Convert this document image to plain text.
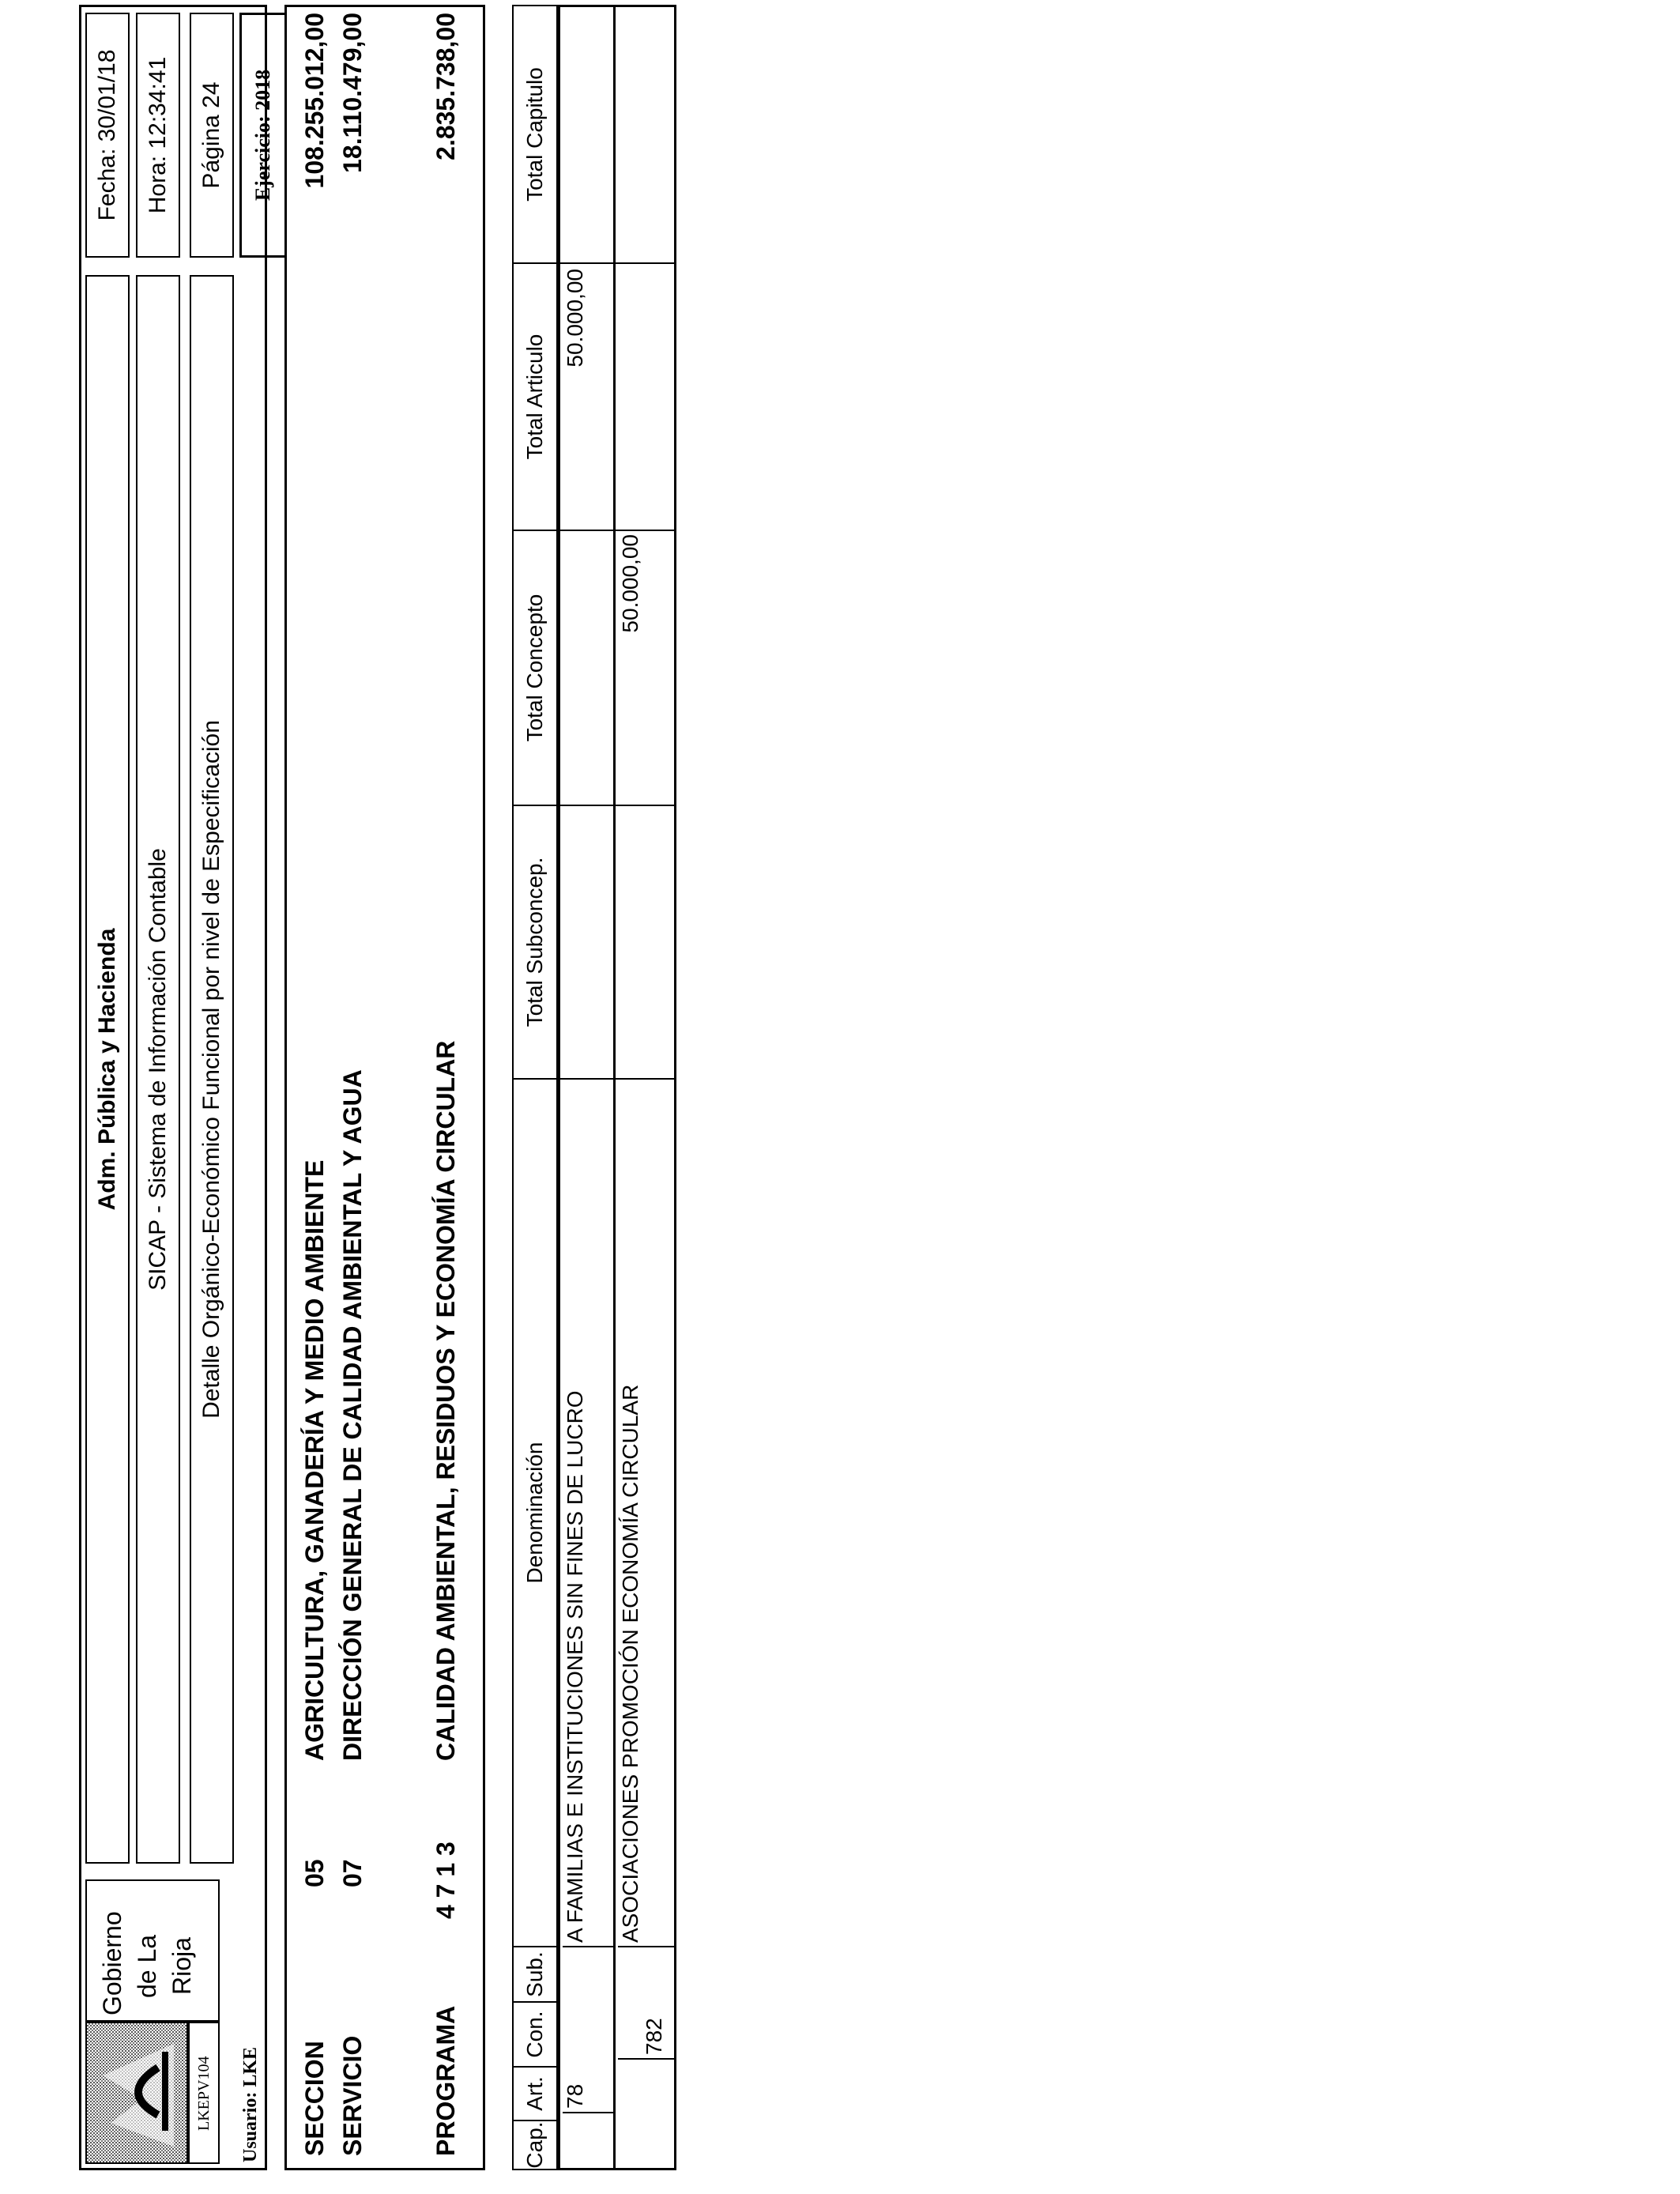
LKEPV104
Gobierno de La Rioja
Adm. Pública y Hacienda SICAP - Sistema de Información Contable Detalle Orgánico-Económico Funcional por nivel de Especificación
Fecha: 30/01/18 Hora: 12:34:41 Página 24
Usuario: LKE
Ejercicio: 2018
SECCION
05
AGRICULTURA, GANADERÍA Y MEDIO AMBIENTE
108.255.012,00
SERVICIO
07
DIRECCIÓN GENERAL DE CALIDAD AMBIENTAL Y AGUA
18.110.479,00
PROGRAMA
4 7 1 3
CALIDAD AMBIENTAL, RESIDUOS Y ECONOMÍA CIRCULAR
2.835.738,00
Cap.
Art.
Con.
Sub.
Denominación
Total Subconcep.
Total Concepto
Total Articulo
Total Capitulo
78
A FAMILIAS E INSTITUCIONES SIN FINES DE LUCRO
50.000,00
782
ASOCIACIONES PROMOCIÓN ECONOMÍA CIRCULAR
50.000,00
